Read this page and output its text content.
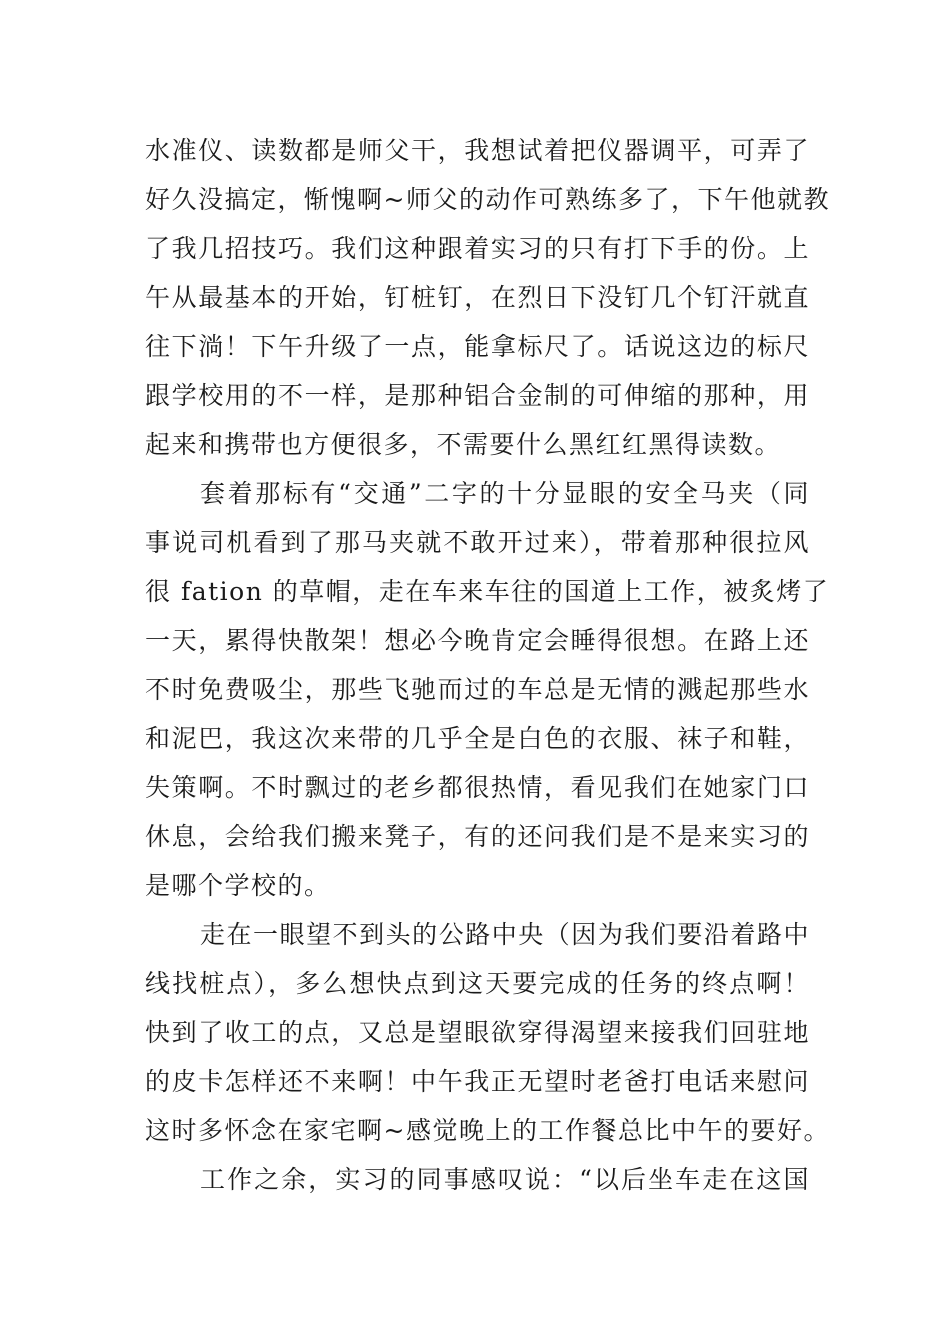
水准仪、读数都是师父干，我想试着把仪器调平，可弄了
好久没搞定，惭愧啊~师父的动作可熟练多了，下午他就教
了我几招技巧。我们这种跟着实习的只有打下手的份。上
午从最基本的开始，钉桩钉，在烈日下没钉几个钉汗就直
往下淌！下午升级了一点，能拿标尺了。话说这边的标尺
跟学校用的不一样，是那种铝合金制的可伸缩的那种，用
起来和携带也方便很多，不需要什么黑红红黑得读数。
套着那标有“交通”二字的十分显眼的安全马夹（同
事说司机看到了那马夹就不敢开过来），带着那种很拉风
很 fation 的草帽，走在车来车往的国道上工作，被炙烤了
一天，累得快散架！想必今晚肯定会睡得很想。在路上还
不时免费吸尘，那些飞驰而过的车总是无情的溅起那些水
和泥巴，我这次来带的几乎全是白色的衣服、袜子和鞋，
失策啊。不时飘过的老乡都很热情，看见我们在她家门口
休息，会给我们搬来凳子，有的还问我们是不是来实习的
是哪个学校的。
走在一眼望不到头的公路中央（因为我们要沿着路中
线找桩点），多么想快点到这天要完成的任务的终点啊！
快到了收工的点，又总是望眼欲穿得渴望来接我们回驻地
的皮卡怎样还不来啊！中午我正无望时老爸打电话来慰问
这时多怀念在家宅啊~感觉晚上的工作餐总比中午的要好。
工作之余，实习的同事感叹说：“以后坐车走在这国
